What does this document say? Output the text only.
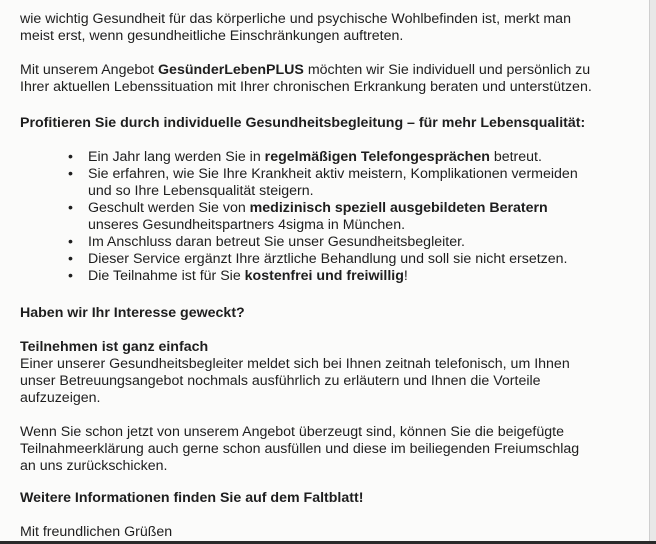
wie wichtig Gesundheit für das körperliche und psychische Wohlbefinden ist, merkt man
meist erst, wenn gesundheitliche Einschränkungen auftreten.

Mit unserem Angebot GesünderLebenPLUS möchten wir Sie individuell und persönlich zu
Ihrer aktuellen Lebenssituation mit Ihrer chronischen Erkrankung beraten und unterstützen.

Profitieren Sie durch individuelle Gesundheitsbegleitung – für mehr Lebensqualität:

• Ein Jahr lang werden Sie in regelmäßigen Telefongesprächen betreut.
• Sie erfahren, wie Sie Ihre Krankheit aktiv meistern, Komplikationen vermeiden
und so Ihre Lebensqualität steigern.
• Geschult werden Sie von medizinisch speziell ausgebildeten Beratern
unseres Gesundheitspartners 4sigma in München.
• Im Anschluss daran betreut Sie unser Gesundheitsbegleiter.
• Dieser Service ergänzt Ihre ärztliche Behandlung und soll sie nicht ersetzen.
• Die Teilnahme ist für Sie kostenfrei und freiwillig!

Haben wir Ihr Interesse geweckt?

Teilnehmen ist ganz einfach

Einer unserer Gesundheitsbegleiter meldet sich bei Ihnen zeitnah telefonisch, um Ihnen
unser Betreuungsangebot nochmals ausführlich zu erläutern und Ihnen die Vorteile
aufzuzeigen.

Wenn Sie schon jetzt von unserem Angebot überzeugt sind, können Sie die beigefügte
Teilnahmeerklärung auch gerne schon ausfüllen und diese im beiliegenden Freiumschlag
an uns zurückschicken.

Weitere Informationen finden Sie auf dem Faltblatt!

Mit freundlichen Grüßen
